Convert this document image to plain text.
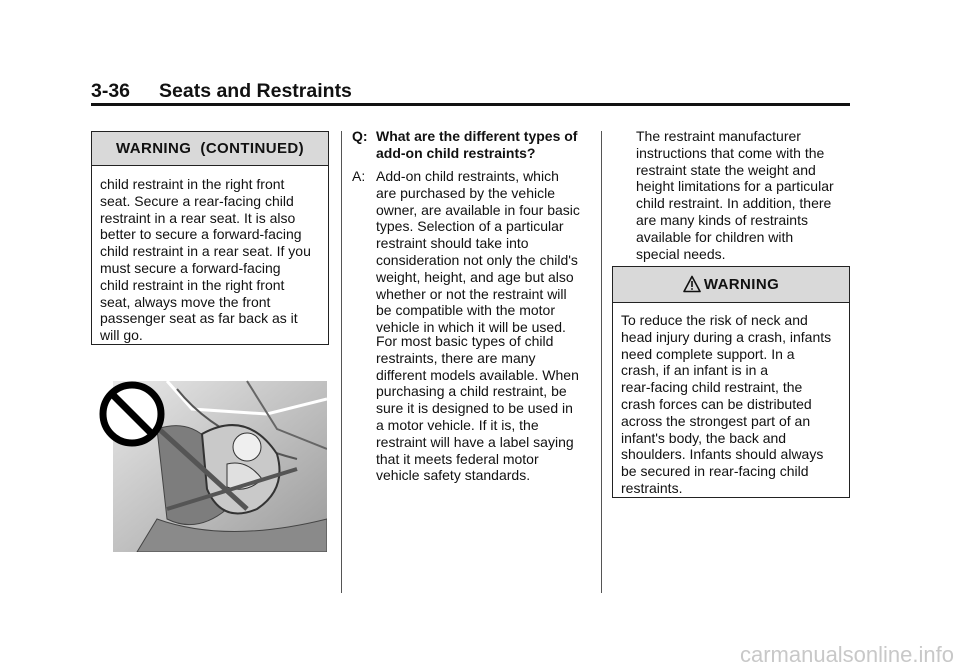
3-36 Seats and Restraints
WARNING  (CONTINUED)
child restraint in the right front
seat. Secure a rear-facing child
restraint in a rear seat. It is also
better to secure a forward-facing
child restraint in a rear seat. If you
must secure a forward-facing
child restraint in the right front
seat, always move the front
passenger seat as far back as it
will go.
Q: What are the different types of
add-on child restraints?
A: Add-on child restraints, which
are purchased by the vehicle
owner, are available in four basic
types. Selection of a particular
restraint should take into
consideration not only the child's
weight, height, and age but also
whether or not the restraint will
be compatible with the motor
vehicle in which it will be used.
For most basic types of child
restraints, there are many
different models available. When
purchasing a child restraint, be
sure it is designed to be used in
a motor vehicle. If it is, the
restraint will have a label saying
that it meets federal motor
vehicle safety standards.
The restraint manufacturer
instructions that come with the
restraint state the weight and
height limitations for a particular
child restraint. In addition, there
are many kinds of restraints
available for children with
special needs.
WARNING
To reduce the risk of neck and
head injury during a crash, infants
need complete support. In a
crash, if an infant is in a
rear-facing child restraint, the
crash forces can be distributed
across the strongest part of an
infant's body, the back and
shoulders. Infants should always
be secured in rear-facing child
restraints.
carmanualsonline.info
